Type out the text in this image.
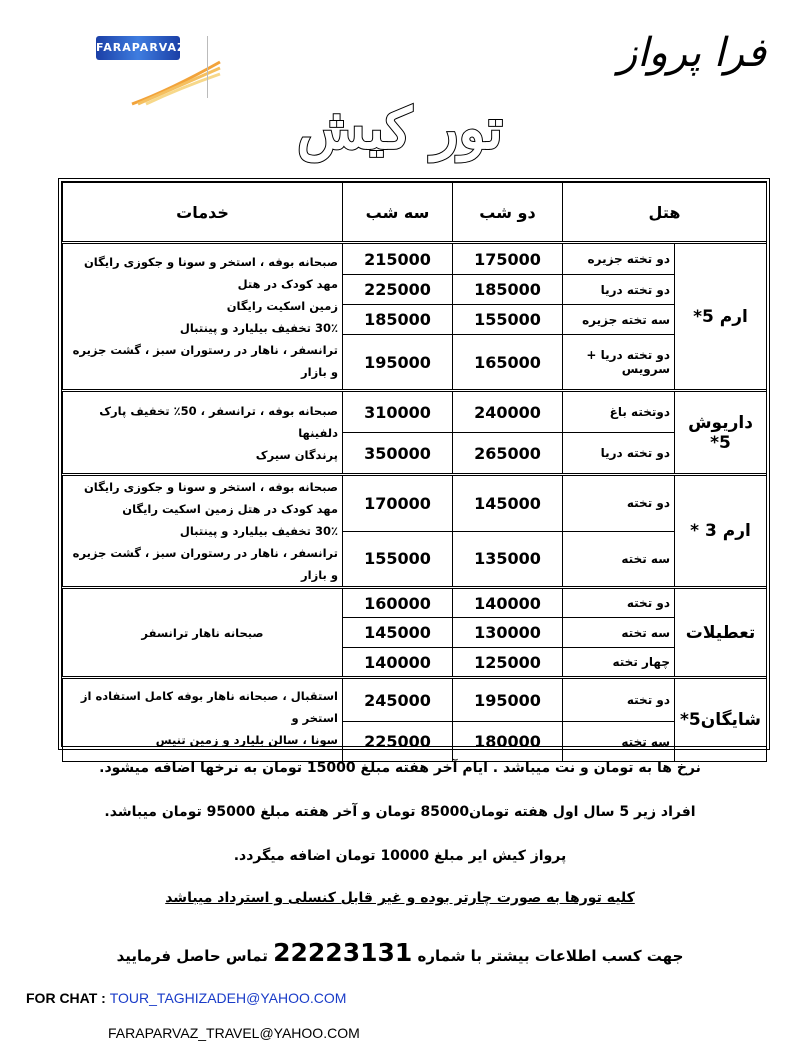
FARAPARVAZ	فرا پرواز
تور کیش
هتل		دو شب	سه شب	خدمات
ارم 5*	دو تخته جزیره	175000	215000	صبحانه بوفه ، استخر و سونا و جکوزی رایگان
مهد کودک در هتل
زمین اسکیت رایگان
30٪ تخفیف بیلیارد و پینتبال
ترانسفر ، ناهار در رستوران سبز ، گشت جزیره و بازار

	دو تخته دریا	185000	225000	
	سه تخته جزیره	155000	185000	
	دو تخته دریا + سرویس	165000	195000	
داریوش 5*	دوتخته باغ	240000	310000	صبحانه بوفه ، ترانسفر ، 50٪ تخفیف پارک دلفینها
پرندگان سیرک

	دو تخته دریا	265000	350000	
ارم 3 *	دو تخته	145000	170000	صبحانه بوفه ، استخر و سونا و جکوزی رایگان
مهد کودک در هتل زمین اسکیت رایگان
30٪ تخفیف بیلیارد و پینتبال
ترانسفر ، ناهار در رستوران سبز ، گشت جزیره و بازار

	سه تخته	135000	155000	
تعطیلات	دو تخته	140000	160000	صبحانه ناهار ترانسفر

	سه تخته	130000	145000	
	چهار تخته	125000	140000	
شایگان5*	دو تخته	195000	245000	استقبال ، صبحانه ناهار بوفه کامل استفاده از استخر و
سونا ، سالن بلیارد و زمین تنیس

	سه تخته	180000	225000	
نرخ ها به تومان و نت میباشد . ایام آخر هفته مبلغ 15000 تومان به نرخها اضافه میشود.
افراد زیر 5 سال اول هفته تومان85000 تومان و آخر هفته مبلغ 95000 تومان میباشد.
پرواز کیش ایر مبلغ 10000 تومان اضافه میگردد.
کلیه تورها به صورت چارتر بوده و غیر قابل کنسلی و استرداد میباشد
جهت کسب اطلاعات بیشتر با شماره 22223131 تماس حاصل فرمایید
FOR CHAT : TOUR_TAGHIZADEH@YAHOO.COM
FARAPARVAZ_TRAVEL@YAHOO.COM
